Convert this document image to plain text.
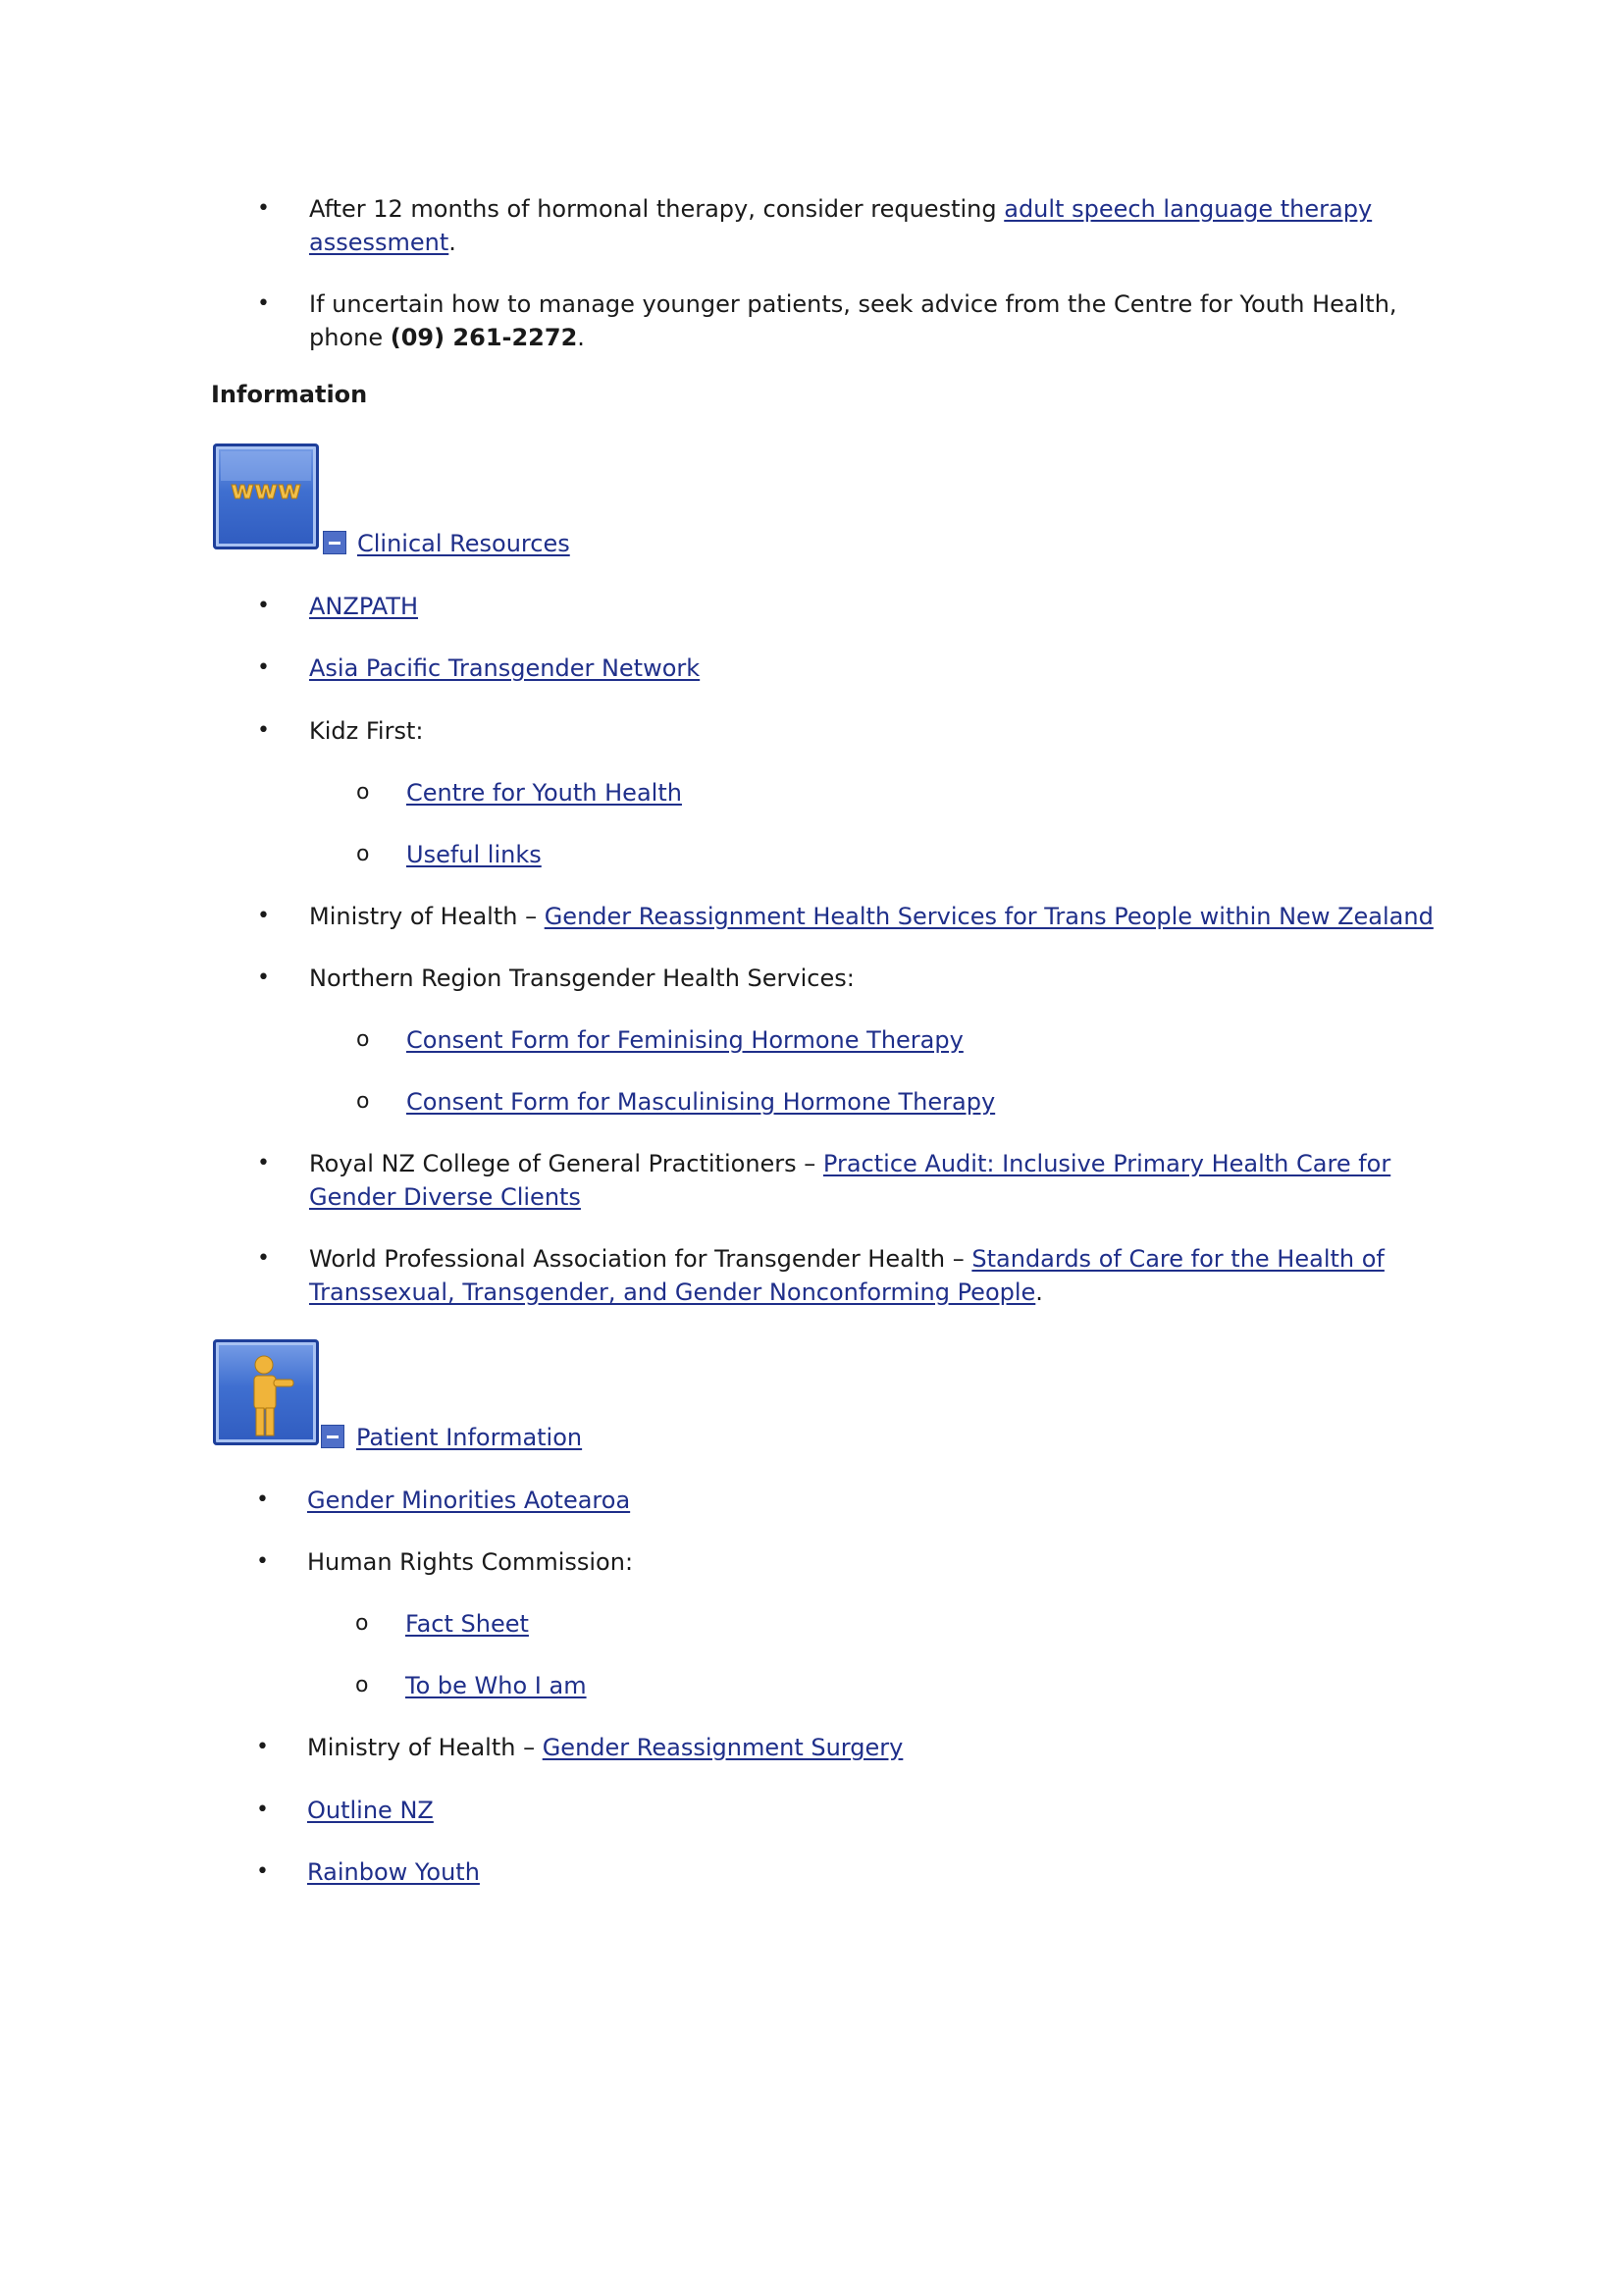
• After 12 months of hormonal therapy, consider requesting adult speech language therapy
assessment.
• If uncertain how to manage younger patients, seek advice from the Centre for Youth Health,
phone (09) 261-2272.
Information
www
Clinical Resources
• ANZPATH
• Asia Pacific Transgender Network
• Kidz First:
o Centre for Youth Health
o Useful links
• Ministry of Health – Gender Reassignment Health Services for Trans People within New Zealand
• Northern Region Transgender Health Services:
o Consent Form for Feminising Hormone Therapy
o Consent Form for Masculinising Hormone Therapy
• Royal NZ College of General Practitioners – Practice Audit: Inclusive Primary Health Care for
Gender Diverse Clients
• World Professional Association for Transgender Health – Standards of Care for the Health of
Transsexual, Transgender, and Gender Nonconforming People.
Patient Information
• Gender Minorities Aotearoa
• Human Rights Commission:
o Fact Sheet
o To be Who I am
• Ministry of Health – Gender Reassignment Surgery
• Outline NZ
• Rainbow Youth
